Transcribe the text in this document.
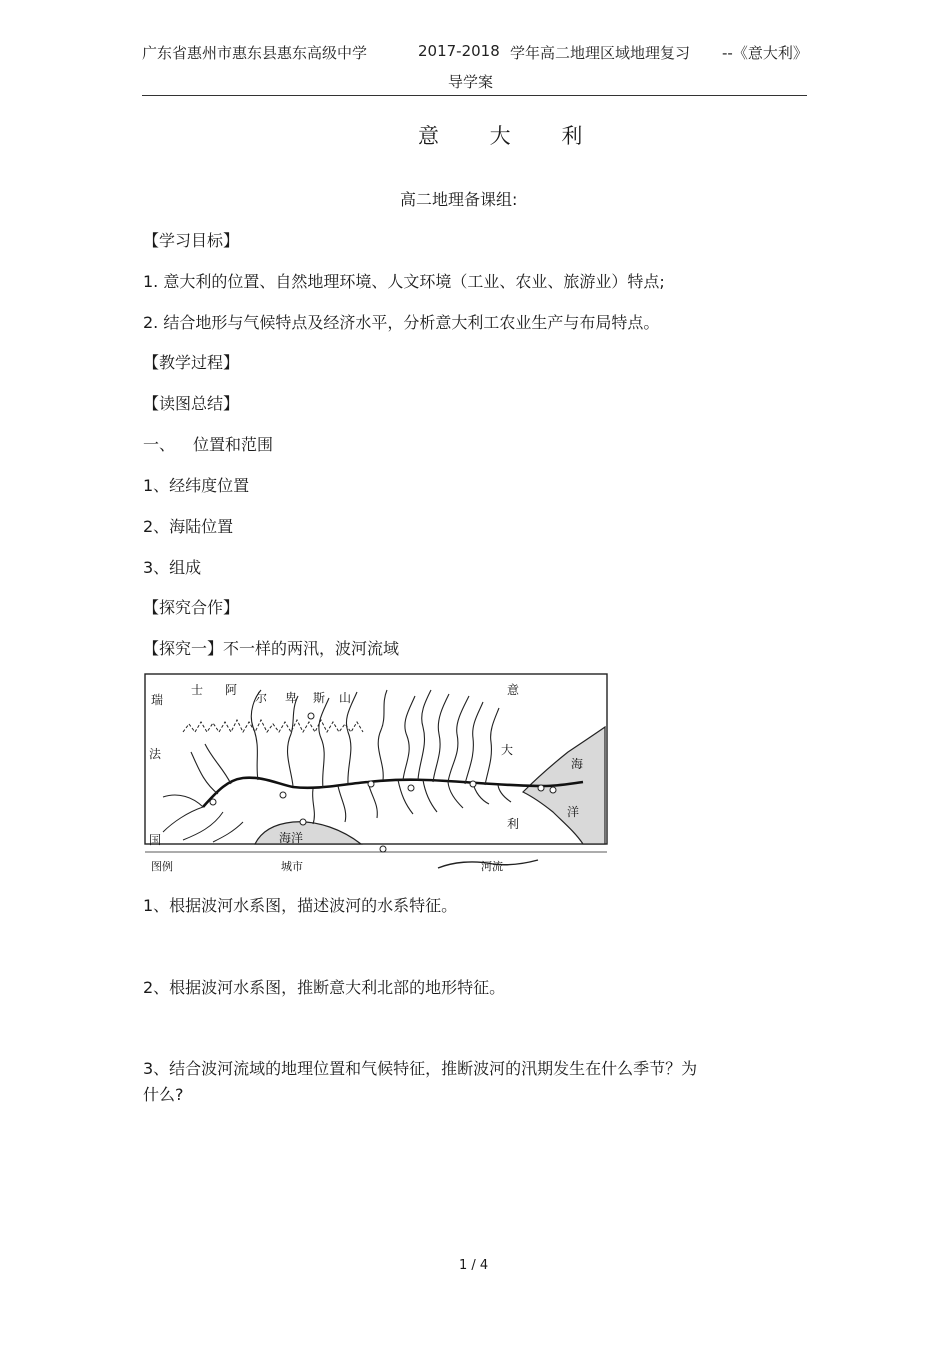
广东省惠州市惠东县惠东高级中学	2017-2018 学年高二地理区域地理复习 --《意大利》
导学案
意 大 利
高二地理备课组:
【学习目标】
1. 意大利的位置、自然地理环境、人文环境（工业、农业、旅游业）特点;
2. 结合地形与气候特点及经济水平，分析意大利工农业生产与布局特点。
【教学过程】
【读图总结】
一、 位置和范围
1、经纬度位置
2、海陆位置
3、组成
【探究合作】
【探究一】不一样的两汛，波河流域
瑞
士 阿
尔 卑 斯 山
法
国
意
大
利
海
洋
海洋
图例	城市	河流
1、根据波河水系图，描述波河的水系特征。
2、根据波河水系图，推断意大利北部的地形特征。
3、结合波河流域的地理位置和气候特征，推断波河的汛期发生在什么季节？为
什么?
1 / 4
